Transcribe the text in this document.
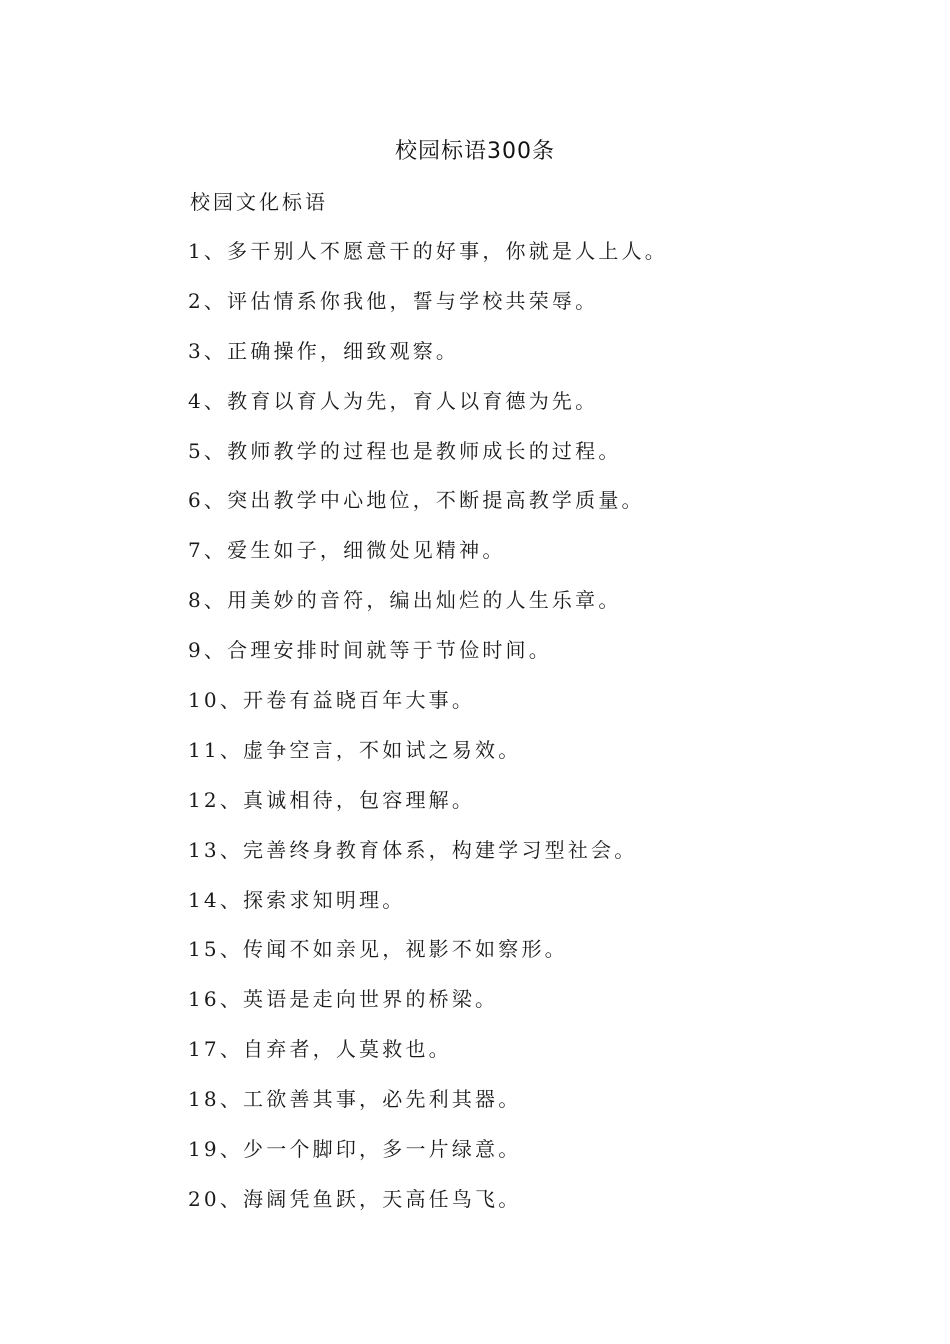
校园标语300条
校园文化标语
1、多干别人不愿意干的好事，你就是人上人。
2、评估情系你我他，誓与学校共荣辱。
3、正确操作，细致观察。
4、教育以育人为先，育人以育德为先。
5、教师教学的过程也是教师成长的过程。
6、突出教学中心地位，不断提高教学质量。
7、爱生如子，细微处见精神。
8、用美妙的音符，编出灿烂的人生乐章。
9、合理安排时间就等于节俭时间。
10、开卷有益晓百年大事。
11、虚争空言，不如试之易效。
12、真诚相待，包容理解。
13、完善终身教育体系，构建学习型社会。
14、探索求知明理。
15、传闻不如亲见，视影不如察形。
16、英语是走向世界的桥梁。
17、自弃者，人莫救也。
18、工欲善其事，必先利其器。
19、少一个脚印，多一片绿意。
20、海阔凭鱼跃，天高任鸟飞。
